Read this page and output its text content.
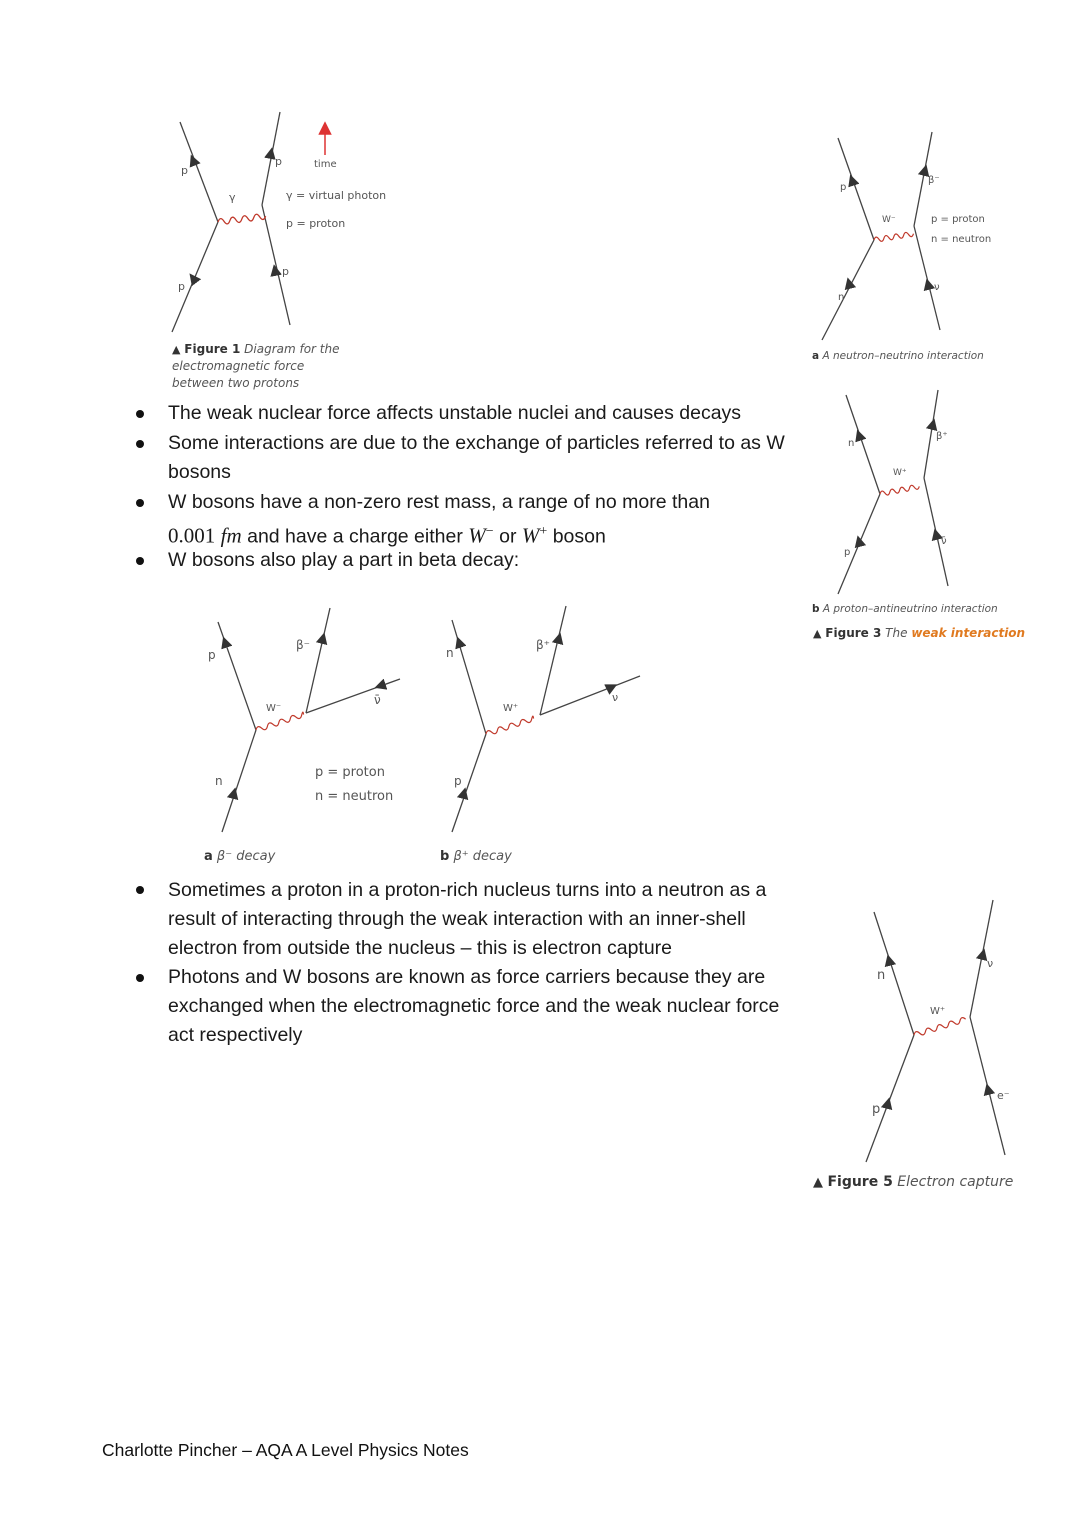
p
p
p
p
γ
time
γ = virtual photon
p = proton
▲ Figure 1 Diagram for the electromagnetic force between two protons
p
n
β⁻
ν
W⁻	p = proton
n = neutron
a A neutron–neutrino interaction
n
p
β⁺
ν̄
W⁺
b A proton–antineutrino interaction
▲ Figure 3 The weak interaction
The weak nuclear force affects unstable nuclei and causes decays
Some interactions are due to the exchange of particles referred to as W bosons
W bosons have a non-zero rest mass, a range of no more than
0.001 fm and have a charge either W− or W+ boson
W bosons also play a part in beta decay:
p
n
β⁻
ν̄
W⁻
n
p
β⁺
ν
W⁺
p = proton
n = neutron
a β⁻ decay	b β⁺ decay
Sometimes a proton in a proton-rich nucleus turns into a neutron as a result of interacting through the weak interaction with an inner-shell electron from outside the nucleus – this is electron capture
Photons and W bosons are known as force carriers because they are exchanged when the electromagnetic force and the weak nuclear force act respectively
n
p
ν
e⁻
W⁺
▲ Figure 5 Electron capture
Charlotte Pincher – AQA A Level Physics Notes
